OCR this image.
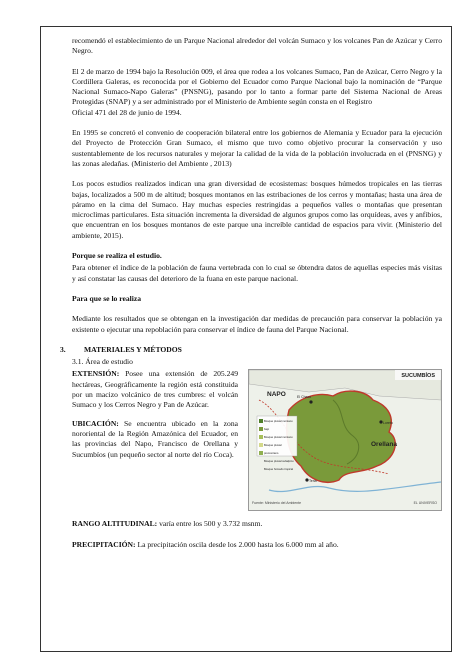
recomendó el establecimiento de un Parque Nacional alrededor del volcán Sumaco y los volcanes Pan de Azúcar y Cerro Negro.

El 2 de marzo de 1994 bajo la Resolución 009, el área que rodea a los volcanes Sumaco, Pan de Azúcar, Cerro Negro y la Cordillera Galeras, es reconocida por el Gobierno del Ecuador como Parque Nacional bajo la nominación de “Parque Nacional Sumaco-Napo Galeras” (PNSNG), pasando por lo tanto a formar parte del Sistema Nacional de Areas Protegidas (SNAP) y a ser administrado por el Ministerio de Ambiente según consta en el Registro

Oficial 471 del 28 de junio de 1994.

En 1995 se concretó el convenio de cooperación bilateral entre los gobiernos de Alemania y Ecuador para la ejecución del Proyecto de Protección Gran Sumaco, el mismo que tuvo como objetivo procurar la conservación y uso sustentablemente de los recursos naturales y mejorar la calidad de la vida de la población involucrada en el (PNSNG) y las zonas aledañas. (Ministerio del Ambiente , 2013)

Los pocos estudios realizados indican una gran diversidad de ecosistemas: bosques húmedos tropicales en las tierras bajas, localizados a 500 m de altitud; bosques montanos en las estribaciones de los cerros y montañas; hasta una área de páramo en la cima del Sumaco. Hay muchas especies restringidas a pequeños valles o montañas que presentan microclimas particulares. Esta situación incrementa la diversidad de algunos grupos como las orquídeas, aves y anfibios, que encuentran en los bosques montanos de este parque una increíble cantidad de espacios para vivir. (Ministerio del ambiente, 2015).

Porque se realiza el estudio.

Para obtener el índice de la población de fauna vertebrada con lo cual se óbtendra datos de aquellas especies más visitas y así constatar las causas del deterioro de la fuana en este parque nacional.

Para que se lo realiza

Mediante los resultados que se obtengan en la investigación dar medidas de precaución para conservar la población ya existente o ejecutar una repoblación para conservar el índice de fauna del Parque Nacional.

3.	MATERIALES Y MÉTODOS
3.1. Área de estudio

EXTENSIÓN: Posee una extensión de 205.249 hectáreas, Geográficamente la región está constituida por un macizo volcánico de tres cumbres: el volcán Sumaco y los Cerros Negro y Pan de Azúcar.

UBICACIÓN: Se encuentra ubicado en la zona nororiental de la Región Amazónica del Ecuador, en las provincias del Napo, Francisco de Orellana y Sucumbíos (un pequeño sector al norte del río Coca).

SUCUMBÍOS
NAPO
Orellana
El Chaco
Loreto
Tena
Bosque pluvial montano bajo
Bosque pluvial montano
Bosque pluvial premontano
Bosque pluvial subalpino
Bosque húmedo tropical
Fuente: Ministerio del Ambiente	EL UNIVERSO

RANGO ALTITUDINAL: varía entre los 500 y 3.732 msnm.

PRECIPITACIÓN: La precipitación oscila desde los 2.000 hasta los 6.000 mm al año.
